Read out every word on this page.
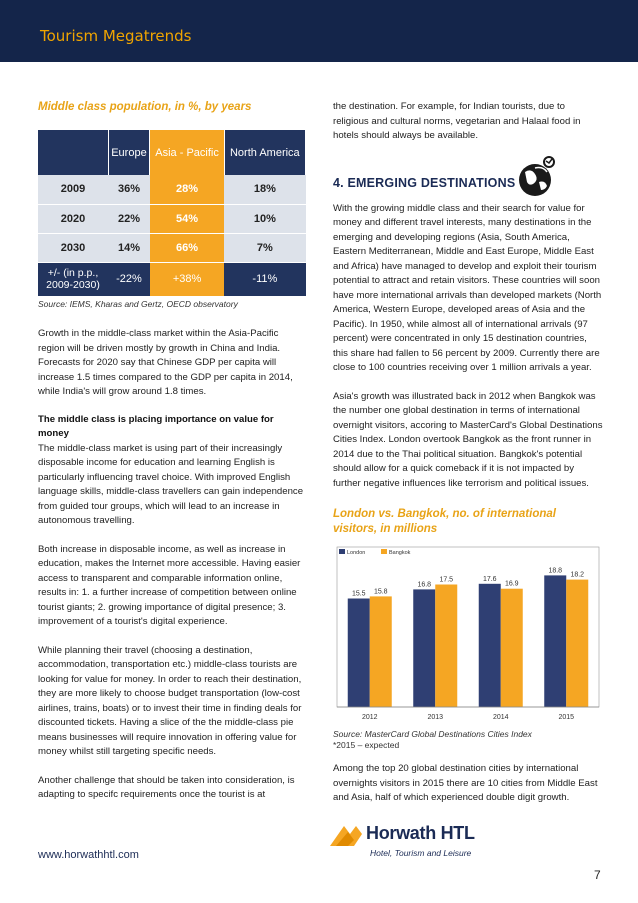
Tourism Megatrends
Middle class population, in %, by years
	Europe	Asia - Pacific	North America
2009	36%	28%	18%
2020	22%	54%	10%
2030	14%	66%	7%
+/- (in p.p., 2009-2030)	-22%	+38%	-11%
Source: IEMS, Kharas and Gertz, OECD observatory

Growth in the middle-class market within the Asia-Pacific region will be driven mostly by growth in China and India. Forecasts for 2020 say that Chinese GDP per capita will increase 1.5 times compared to the GDP per capita in 2014, while India's will grow around 1.8 times.

The middle class is placing importance on value for money
The middle-class market is using part of their increasingly disposable income for education and learning English is particularly influencing travel choice. With improved English language skills, middle-class travellers can gain independence from guided tour groups, which will lead to an increase in autonomous travelling.

Both increase in disposable income, as well as increase in education, makes the Internet more accessible. Having easier access to transparent and comparable information online, results in: 1. a further increase of competition between online tourist giants; 2. growing importance of digital presence; 3. improvement of a tourist's digital experience.

While planning their travel (choosing a destination, accommodation, transportation etc.) middle-class tourists are looking for value for money. In order to reach their destination, they are more likely to choose budget transportation (low-cost airlines, trains, boats) or to invest their time in finding deals for discounted tickets. Having a slice of the the middle-class pie means businesses will require innovation in offering value for money whilst still targeting specific needs.

Another challenge that should be taken into consideration, is adapting to specifc requirements once the tourist is at

the destination. For example, for Indian tourists, due to religious and cultural norms, vegetarian and Halaal food in hotels should always be available.

4. EMERGING DESTINATIONS

With the growing middle class and their search for value for money and different travel interests, many destinations in the emerging and developing regions (Asia, South America, Eastern Mediterranean, Middle and East Europe, Middle East and Africa) have managed to develop and exploit their tourism potential to attract and retain visitors. These countries will soon have more international arrivals than developed markets (North America, Western Europe, developed areas of Asia and the Pacific). In 1950, while almost all of international arrivals (97 percent) were concentrated in only 15 destination countries, this share had fallen to 56 percent by 2009. Currently there are close to 100 countries receiving over 1 million arrivals a year.

Asia's growth was illustrated back in 2012 when Bangkok was the number one global destination in terms of international overnight visitors, accoring to MasterCard's Global Destinations Cities Index. London overtook Bangkok as the front runner in 2014 due to the Thai political situation. Bangkok's potential should allow for a quick comeback if it is not impacted by further negative influences like terrorism and political issues.

London vs. Bangkok, no. of international visitors, in millions
London	Bangkok
15.5 15.8
2012
16.8
17.5
2013
17.6
16.9
2014
18.8
18.2
2015
Source: MasterCard Global Destinations Cities Index
*2015 – expected

Among the top 20 global destination cities by international overnights visitors in 2015 there are 10 cities from Middle East and Asia, half of which experienced double digit growth.

Horwath HTL
Hotel, Tourism and Leisure
www.horwathhtl.com
7
